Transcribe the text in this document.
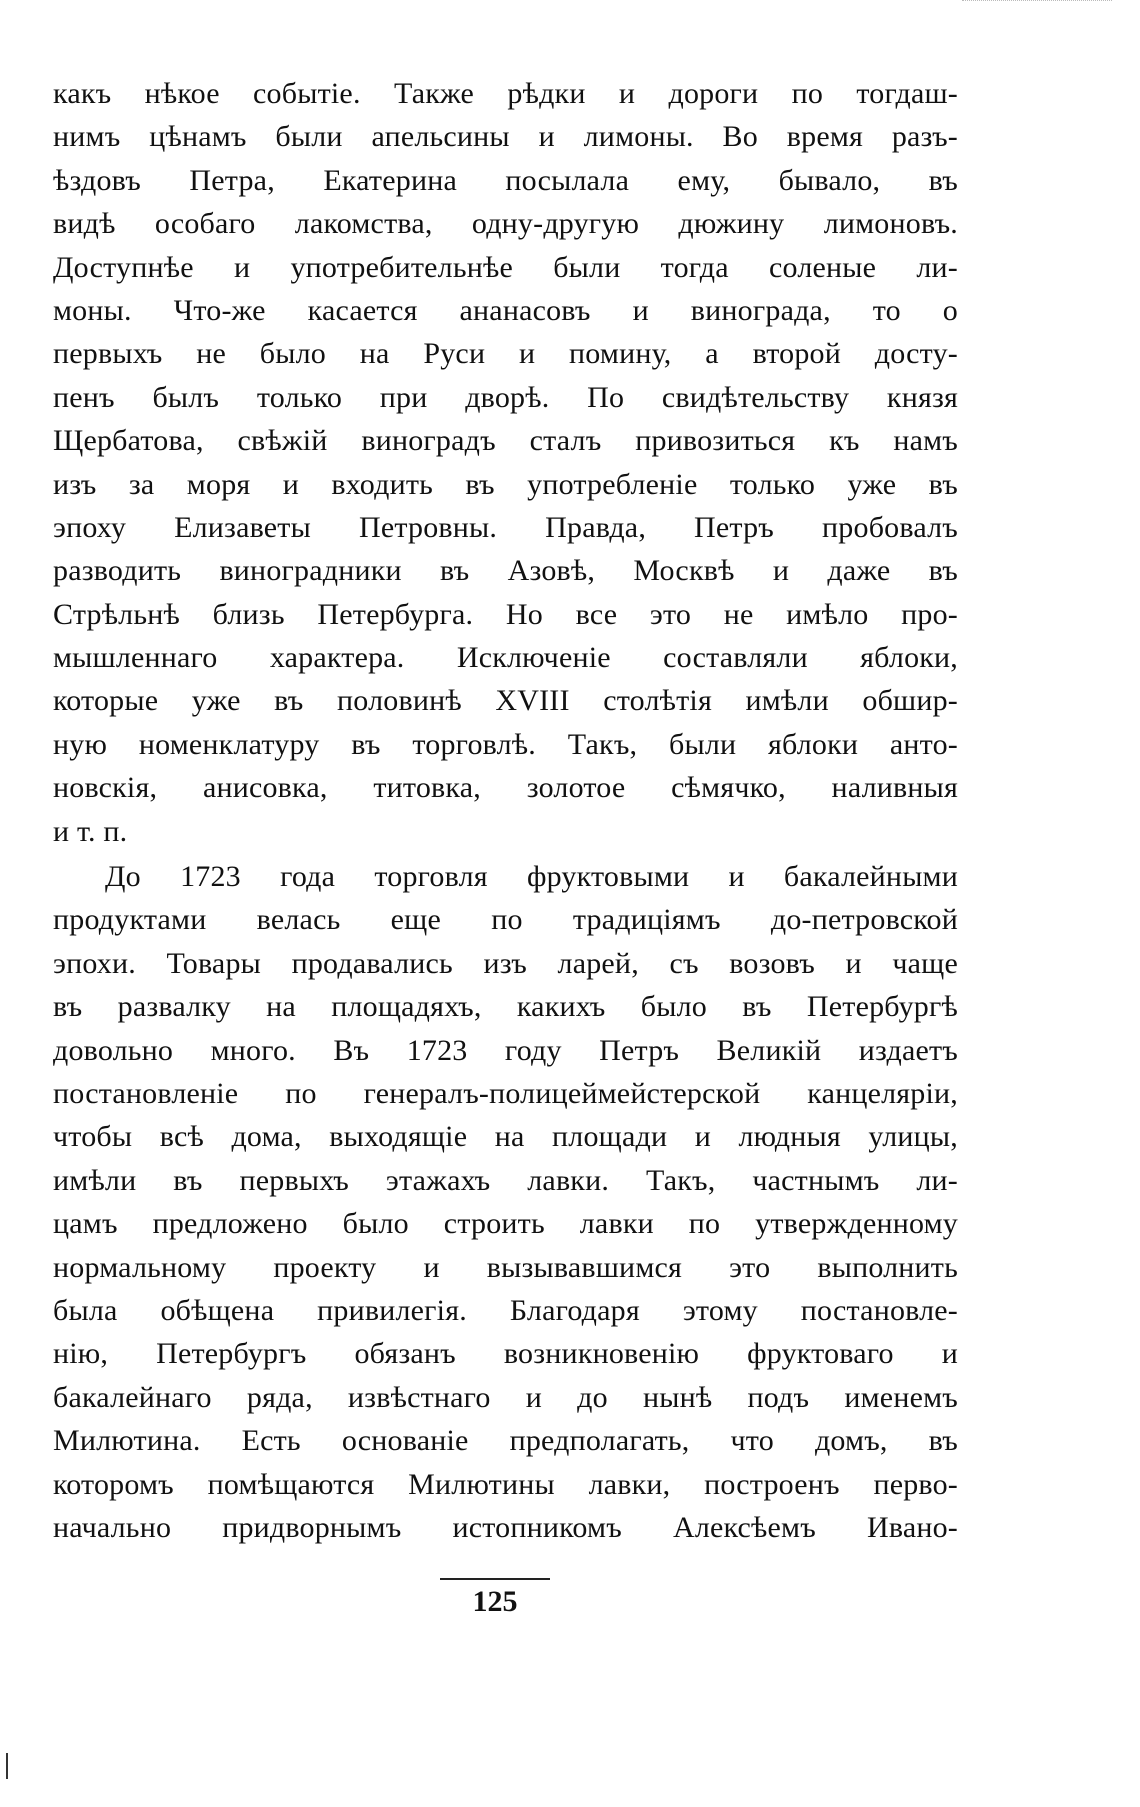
какъ нѣкое событіе. Также рѣдки и дороги по тогдаш-
нимъ цѣнамъ были апельсины и лимоны. Во время разъ-
ѣздовъ Петра, Екатерина посылала ему, бывало, въ
видѣ особаго лакомства, одну-другую дюжину лимоновъ.
Доступнѣе и употребительнѣе были тогда соленые ли-
моны. Что-же касается ананасовъ и винограда, то о
первыхъ не было на Руси и помину, а второй досту-
пенъ былъ только при дворѣ. По свидѣтельству князя
Щербатова, свѣжій виноградъ сталъ привозиться къ намъ
изъ за моря и входить въ употребленіе только уже въ
эпоху Елизаветы Петровны. Правда, Петръ пробовалъ
разводить виноградники въ Азовѣ, Москвѣ и даже въ
Стрѣльнѣ близь Петербурга. Но все это не имѣло про-
мышленнаго характера. Исключеніе составляли яблоки,
которые уже въ половинѣ XVIII столѣтія имѣли обшир-
ную номенклатуру въ торговлѣ. Такъ, были яблоки анто-
новскія, анисовка, титовка, золотое сѣмячко, наливныя
и т. п.
До 1723 года торговля фруктовыми и бакалейными
продуктами велась еще по традиціямъ до-петровской
эпохи. Товары продавались изъ ларей, съ возовъ и чаще
въ развалку на площадяхъ, какихъ было въ Петербургѣ
довольно много. Въ 1723 году Петръ Великій издаетъ
постановленіе по генералъ-полицеймейстерской канцеляріи,
чтобы всѣ дома, выходящіе на площади и людныя улицы,
имѣли въ первыхъ этажахъ лавки. Такъ, частнымъ ли-
цамъ предложено было строить лавки по утвержденному
нормальному проекту и вызывавшимся это выполнить
была обѣщена привилегія. Благодаря этому постановле-
нію, Петербургъ обязанъ возникновенію фруктоваго и
бакалейнаго ряда, извѣстнаго и до нынѣ подъ именемъ
Милютина. Есть основаніе предполагать, что домъ, въ
которомъ помѣщаются Милютины лавки, построенъ перво-
начально придворнымъ истопникомъ Алексѣемъ Ивано-
125
